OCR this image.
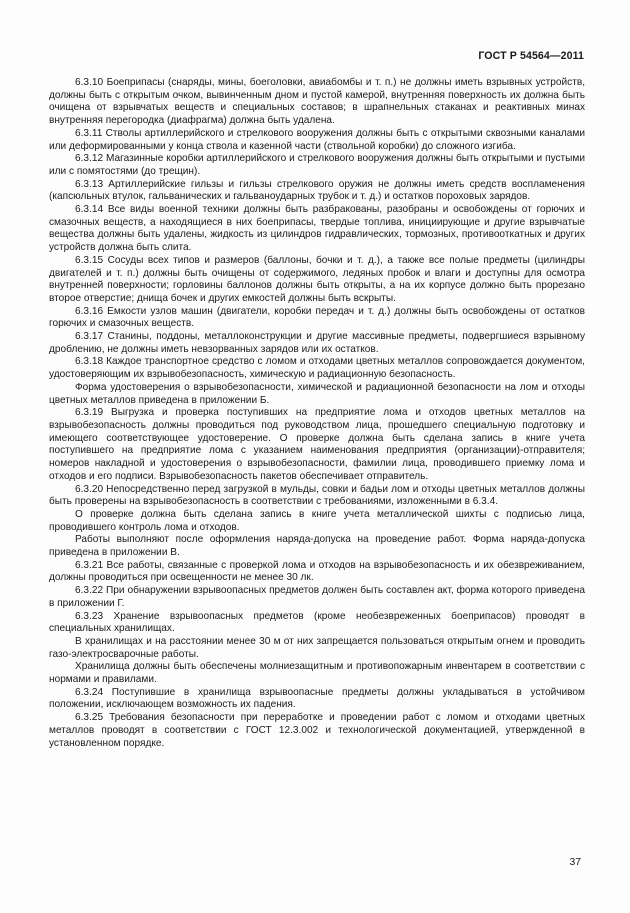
ГОСТ Р 54564—2011

6.3.10 Боеприпасы (снаряды, мины, боеголовки, авиабомбы и т. п.) не должны иметь взрывных устройств, должны быть с открытым очком, вывинченным дном и пустой камерой, внутренняя поверхность их должна быть очищена от взрывчатых веществ и специальных составов; в шрапнельных стаканах и реактивных минах внутренняя перегородка (диафрагма) должна быть удалена.

6.3.11 Стволы артиллерийского и стрелкового вооружения должны быть с открытыми сквозными каналами или деформированными у конца ствола и казенной части (ствольной коробки) до сложного изгиба.

6.3.12 Магазинные коробки артиллерийского и стрелкового вооружения должны быть открытыми и пустыми или с помятостями (до трещин).

6.3.13 Артиллерийские гильзы и гильзы стрелкового оружия не должны иметь средств воспламенения (капсюльных втулок, гальванических и гальваноударных трубок и т. д.) и остатков пороховых зарядов.

6.3.14 Все виды военной техники должны быть разбракованы, разобраны и освобождены от горючих и смазочных веществ, а находящиеся в них боеприпасы, твердые топлива, инициирующие и другие взрывчатые вещества должны быть удалены, жидкость из цилиндров гидравлических, тормозных, противооткатных и других устройств должна быть слита.

6.3.15 Сосуды всех типов и размеров (баллоны, бочки и т. д.), а также все полые предметы (цилиндры двигателей и т. п.) должны быть очищены от содержимого, ледяных пробок и влаги и доступны для осмотра внутренней поверхности; горловины баллонов должны быть открыты, а на их корпусе должно быть прорезано второе отверстие; днища бочек и других емкостей должны быть вскрыты.

6.3.16 Емкости узлов машин (двигатели, коробки передач и т. д.) должны быть освобождены от остатков горючих и смазочных веществ.

6.3.17 Станины, поддоны, металлоконструкции и другие массивные предметы, подвергшиеся взрывному дроблению, не должны иметь невзорванных зарядов или их остатков.

6.3.18 Каждое транспортное средство с ломом и отходами цветных металлов сопровождается документом, удостоверяющим их взрывобезопасность, химическую и радиационную безопасность.

Форма удостоверения о взрывобезопасности, химической и радиационной безопасности на лом и отходы цветных металлов приведена в приложении Б.

6.3.19 Выгрузка и проверка поступивших на предприятие лома и отходов цветных металлов на взрывобезопасность должны проводиться под руководством лица, прошедшего специальную подготовку и имеющего соответствующее удостоверение. О проверке должна быть сделана запись в книге учета поступившего на предприятие лома с указанием наименования предприятия (организации)-отправителя; номеров накладной и удостоверения о взрывобезопасности, фамилии лица, проводившего приемку лома и отходов и его подписи. Взрывобезопасность пакетов обеспечивает отправитель.

6.3.20 Непосредственно перед загрузкой в мульды, совки и бадьи лом и отходы цветных металлов должны быть проверены на взрывобезопасность в соответствии с требованиями, изложенными в 6.3.4.

О проверке должна быть сделана запись в книге учета металлической шихты с подписью лица, проводившего контроль лома и отходов.

Работы выполняют после оформления наряда-допуска на проведение работ. Форма наряда-допуска приведена в приложении В.

6.3.21 Все работы, связанные с проверкой лома и отходов на взрывобезопасность и их обезвреживанием, должны проводиться при освещенности не менее 30 лк.

6.3.22 При обнаружении взрывоопасных предметов должен быть составлен акт, форма которого приведена в приложении Г.

6.3.23 Хранение взрывоопасных предметов (кроме необезвреженных боеприпасов) проводят в специальных хранилищах.

В хранилищах и на расстоянии менее 30 м от них запрещается пользоваться открытым огнем и проводить газо-электросварочные работы.

Хранилища должны быть обеспечены молниезащитным и противопожарным инвентарем в соответствии с нормами и правилами.

6.3.24 Поступившие в хранилища взрывоопасные предметы должны укладываться в устойчивом положении, исключающем возможность их падения.

6.3.25 Требования безопасности при переработке и проведении работ с ломом и отходами цветных металлов проводят в соответствии с ГОСТ 12.3.002 и технологической документацией, утвержденной в установленном порядке.

37
